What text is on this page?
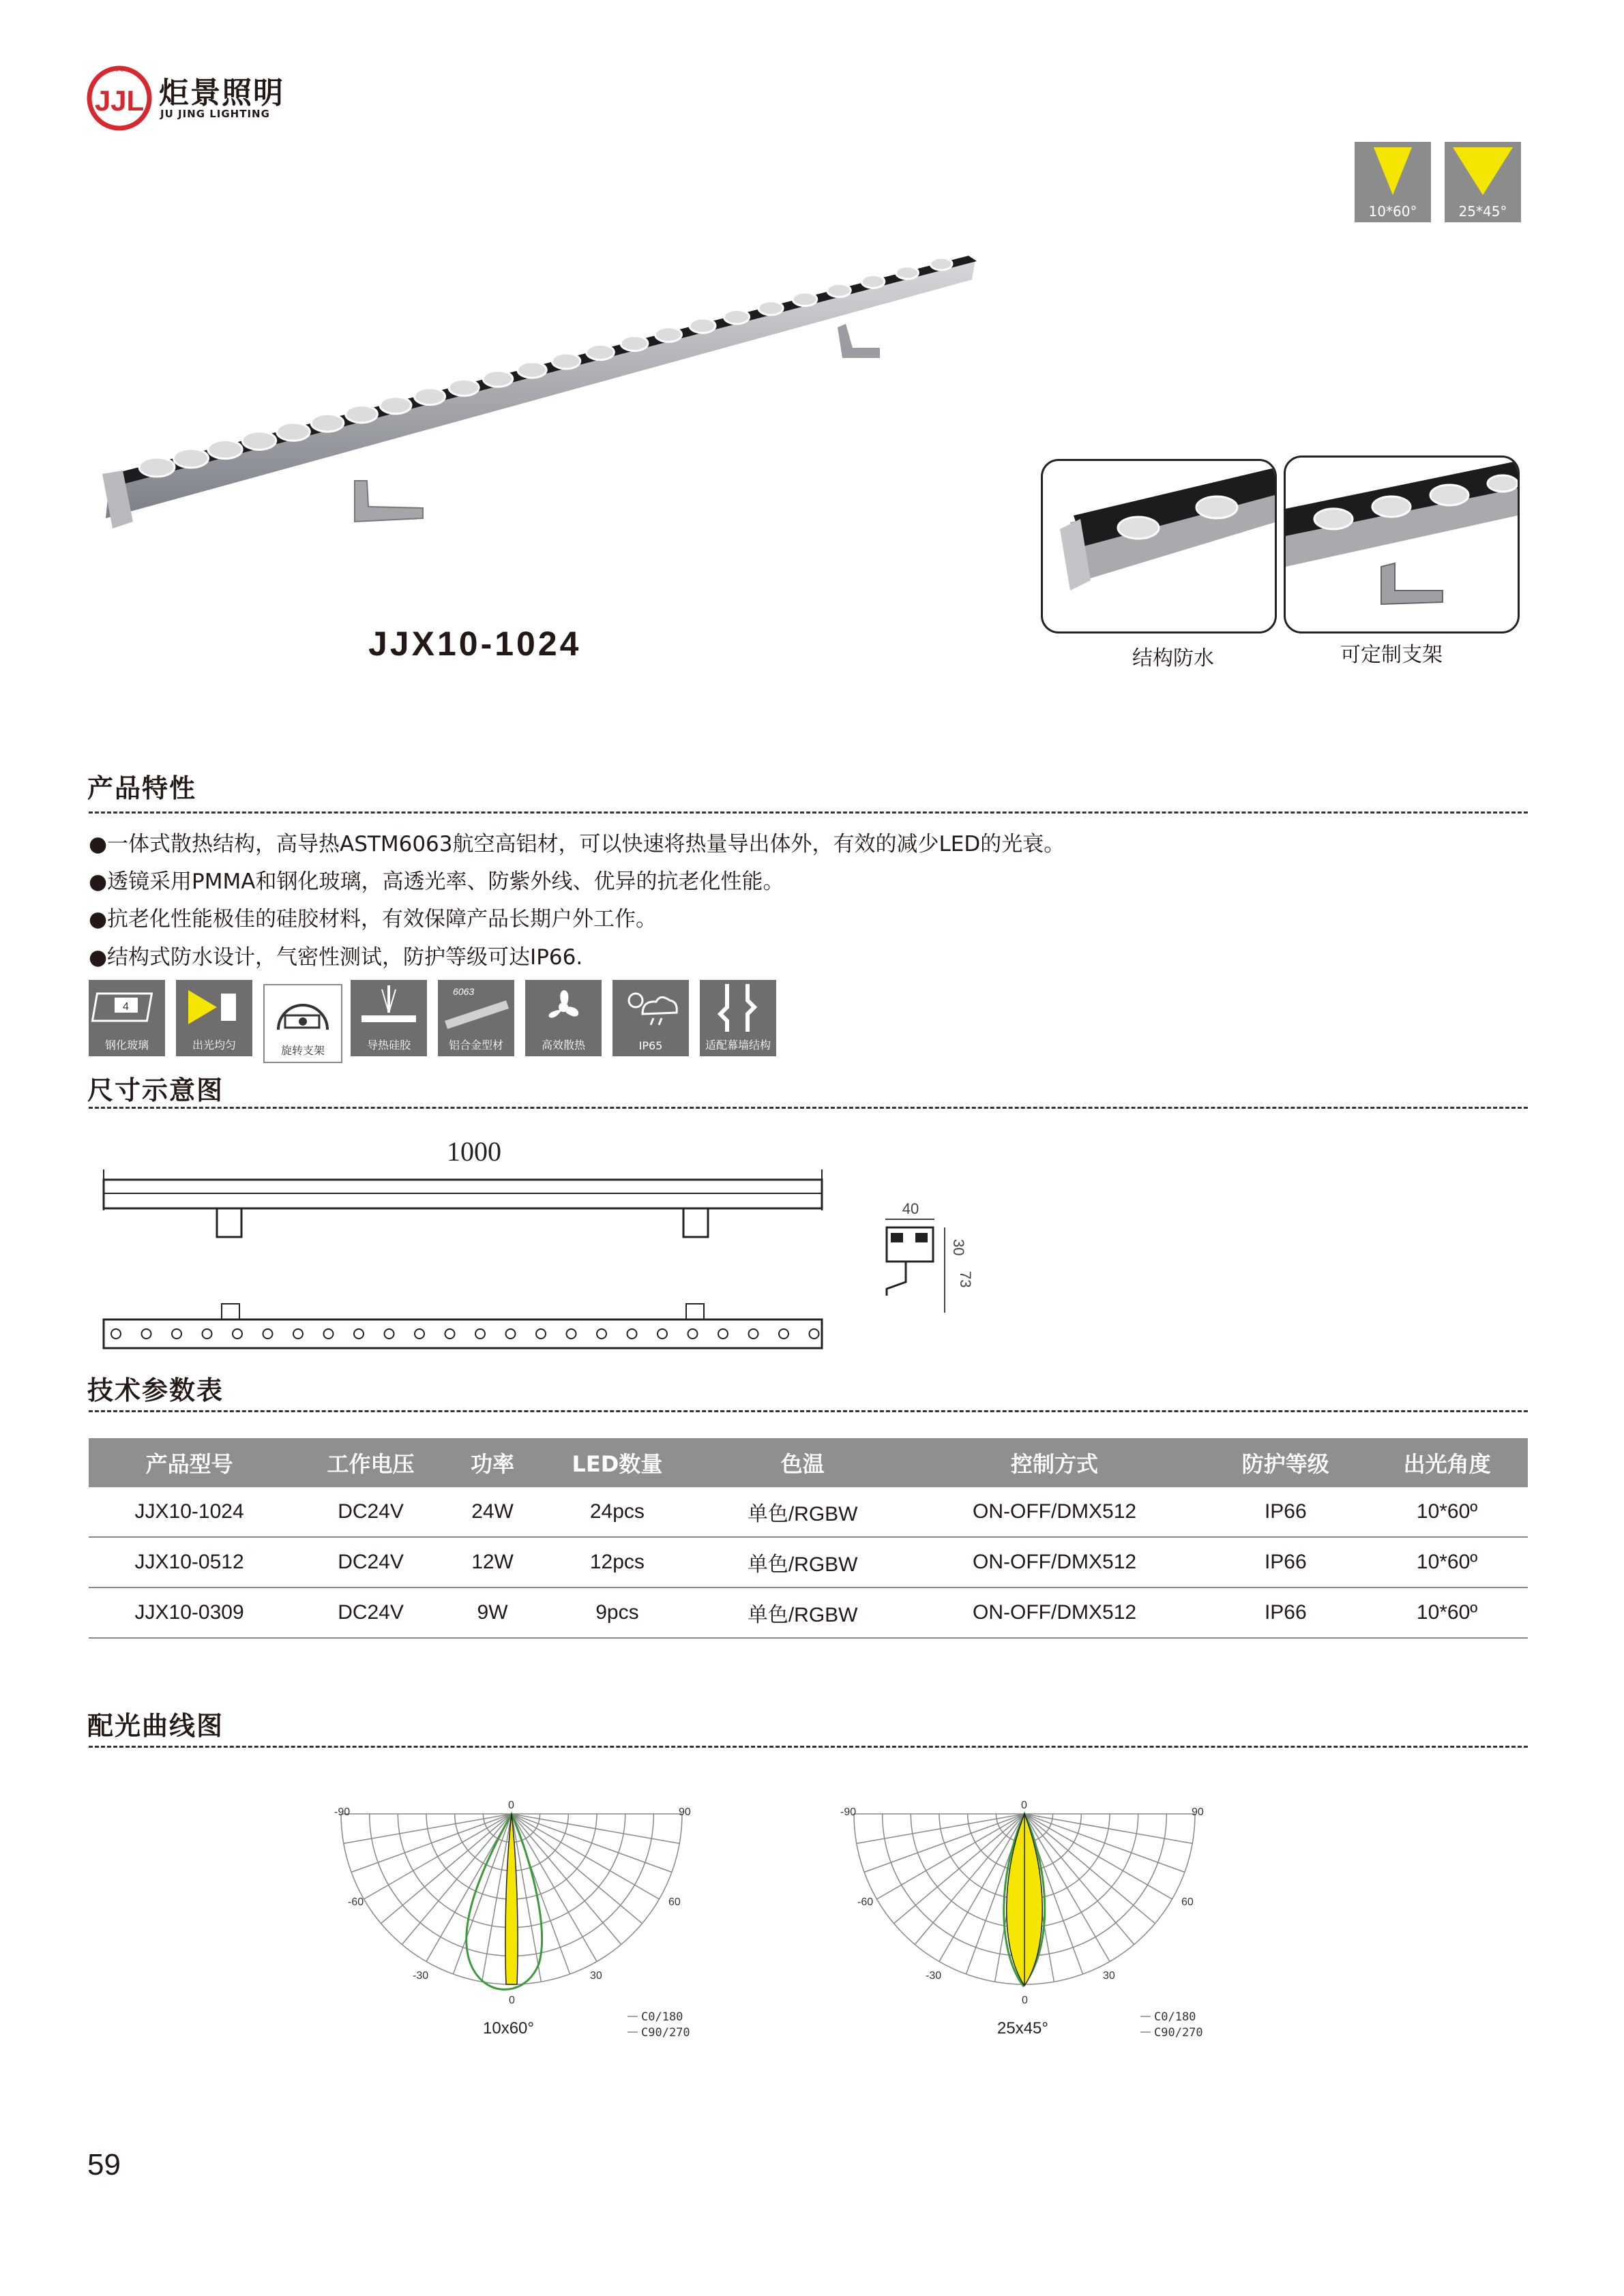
JJL 炬景照明
JU JING LIGHTING
10*60°	25*45°
JJX10-1024	结构防水	可定制支架
产品特性
●一体式散热结构，高导热ASTM6063航空高铝材，可以快速将热量导出体外，有效的减少LED的光衰。
●透镜采用PMMA和钢化玻璃，高透光率、防紫外线、优异的抗老化性能。
●抗老化性能极佳的硅胶材料，有效保障产品长期户外工作。
●结构式防水设计，气密性测试，防护等级可达IP66.
4
钢化玻璃	出光均匀	旋转支架	导热硅胶
6063
铝合金型材	高效散热	IP65	适配幕墙结构
尺寸示意图
1000
40
30
73
技术参数表
产品型号	工作电压	功率	LED数量	色温	控制方式	防护等级	出光角度
JJX10-1024	DC24V	24W	24pcs	单色/RGBW	ON-OFF/DMX512	IP66	10*60º
JJX10-0512	DC24V	12W	12pcs	单色/RGBW	ON-OFF/DMX512	IP66	10*60º
JJX10-0309	DC24V	9W	9pcs	单色/RGBW	ON-OFF/DMX512	IP66	10*60º
配光曲线图
-90
0
90
-60	60
-30	30
0
10x60°
C0/180
C90/270
-90
0
90
-60	60
-30	30
0
25x45°
C0/180
C90/270
59
